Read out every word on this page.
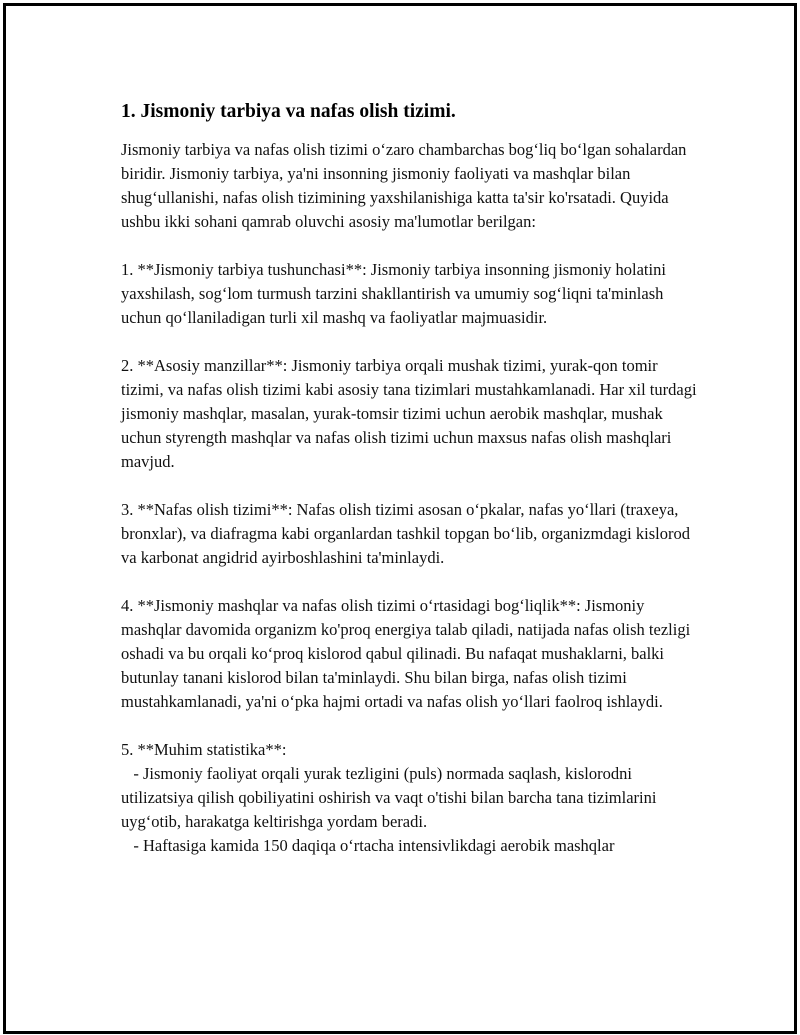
1. Jismoniy tarbiya va nafas olish tizimi.

Jismoniy tarbiya va nafas olish tizimi o‘zaro chambarchas bog‘liq bo‘lgan sohalardan biridir. Jismoniy tarbiya, ya'ni insonning jismoniy faoliyati va mashqlar bilan shug‘ullanishi, nafas olish tizimining yaxshilanishiga katta ta'sir ko'rsatadi. Quyida ushbu ikki sohani qamrab oluvchi asosiy ma'lumotlar berilgan:

1. **Jismoniy tarbiya tushunchasi**: Jismoniy tarbiya insonning jismoniy holatini yaxshilash, sog‘lom turmush tarzini shakllantirish va umumiy sog‘liqni ta'minlash uchun qo‘llaniladigan turli xil mashq va faoliyatlar majmuasidir.

2. **Asosiy manzillar**: Jismoniy tarbiya orqali mushak tizimi, yurak-qon tomir tizimi, va nafas olish tizimi kabi asosiy tana tizimlari mustahkamlanadi. Har xil turdagi jismoniy mashqlar, masalan, yurak-tomsir tizimi uchun aerobik mashqlar, mushak uchun styrength mashqlar va nafas olish tizimi uchun maxsus nafas olish mashqlari mavjud.

3. **Nafas olish tizimi**: Nafas olish tizimi asosan o‘pkalar, nafas yo‘llari (traxeya, bronxlar), va diafragma kabi organlardan tashkil topgan bo‘lib, organizmdagi kislorod va karbonat angidrid ayirboshlashini ta'minlaydi.

4. **Jismoniy mashqlar va nafas olish tizimi o‘rtasidagi bog‘liqlik**: Jismoniy mashqlar davomida organizm ko'proq energiya talab qiladi, natijada nafas olish tezligi oshadi va bu orqali ko‘proq kislorod qabul qilinadi. Bu nafaqat mushaklarni, balki butunlay tanani kislorod bilan ta'minlaydi. Shu bilan birga, nafas olish tizimi mustahkamlanadi, ya'ni o‘pka hajmi ortadi va nafas olish yo‘llari faolroq ishlaydi.

5. **Muhim statistika**:
- Jismoniy faoliyat orqali yurak tezligini (puls) normada saqlash, kislorodni utilizatsiya qilish qobiliyatini oshirish va vaqt o'tishi bilan barcha tana tizimlarini uyg‘otib, harakatga keltirishga yordam beradi.
- Haftasiga kamida 150 daqiqa o‘rtacha intensivlikdagi aerobik mashqlar
